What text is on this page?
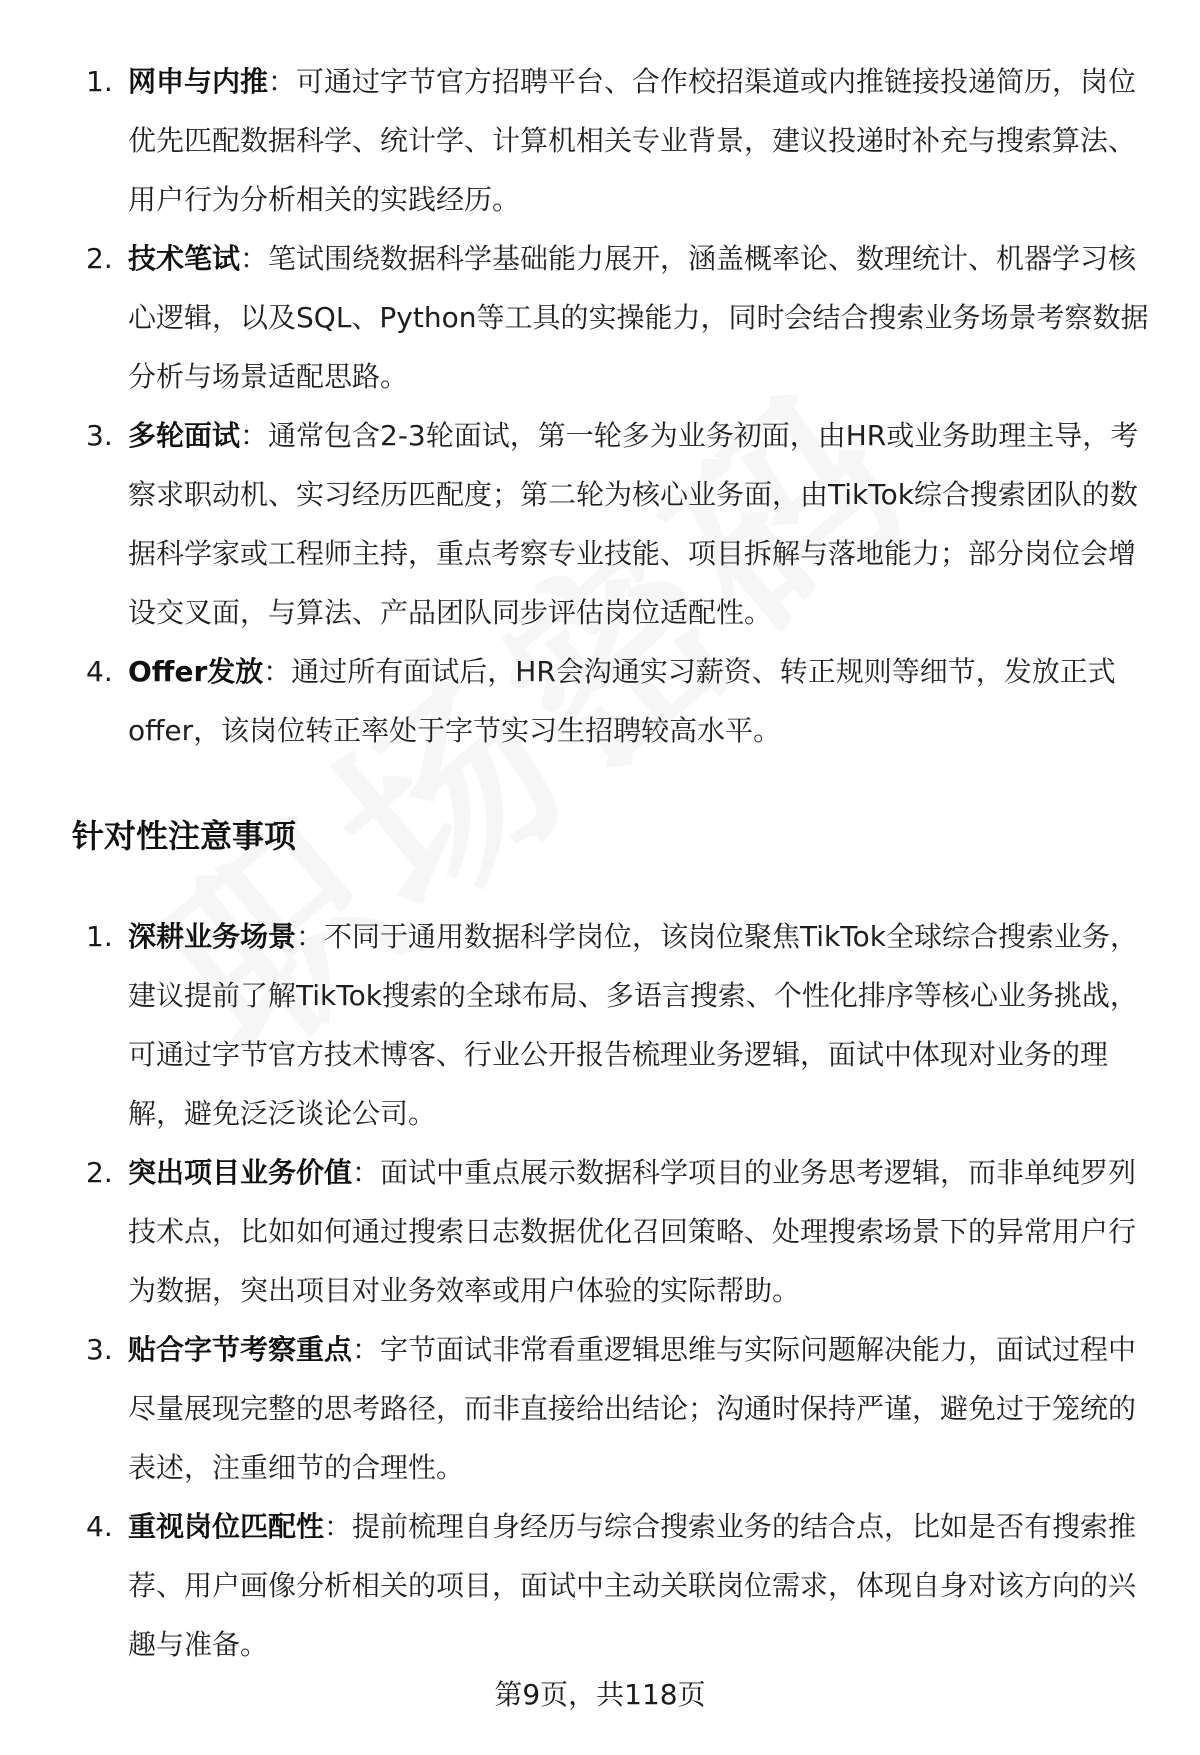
1. 网申与内推：可通过字节官方招聘平台、合作校招渠道或内推链接投递简历，岗位优先匹配数据科学、统计学、计算机相关专业背景，建议投递时补充与搜索算法、用户行为分析相关的实践经历。
2. 技术笔试：笔试围绕数据科学基础能力展开，涵盖概率论、数理统计、机器学习核心逻辑，以及SQL、Python等工具的实操能力，同时会结合搜索业务场景考察数据分析与场景适配思路。
3. 多轮面试：通常包含2-3轮面试，第一轮多为业务初面，由HR或业务助理主导，考察求职动机、实习经历匹配度；第二轮为核心业务面，由TikTok综合搜索团队的数据科学家或工程师主持，重点考察专业技能、项目拆解与落地能力；部分岗位会增设交叉面，与算法、产品团队同步评估岗位适配性。
4. Offer发放：通过所有面试后，HR会沟通实习薪资、转正规则等细节，发放正式offer，该岗位转正率处于字节实习生招聘较高水平。
针对性注意事项
1. 深耕业务场景：不同于通用数据科学岗位，该岗位聚焦TikTok全球综合搜索业务，建议提前了解TikTok搜索的全球布局、多语言搜索、个性化排序等核心业务挑战，可通过字节官方技术博客、行业公开报告梳理业务逻辑，面试中体现对业务的理解，避免泛泛谈论公司。
2. 突出项目业务价值：面试中重点展示数据科学项目的业务思考逻辑，而非单纯罗列技术点，比如如何通过搜索日志数据优化召回策略、处理搜索场景下的异常用户行为数据，突出项目对业务效率或用户体验的实际帮助。
3. 贴合字节考察重点：字节面试非常看重逻辑思维与实际问题解决能力，面试过程中尽量展现完整的思考路径，而非直接给出结论；沟通时保持严谨，避免过于笼统的表述，注重细节的合理性。
4. 重视岗位匹配性：提前梳理自身经历与综合搜索业务的结合点，比如是否有搜索推荐、用户画像分析相关的项目，面试中主动关联岗位需求，体现自身对该方向的兴趣与准备。
第9页，共118页
